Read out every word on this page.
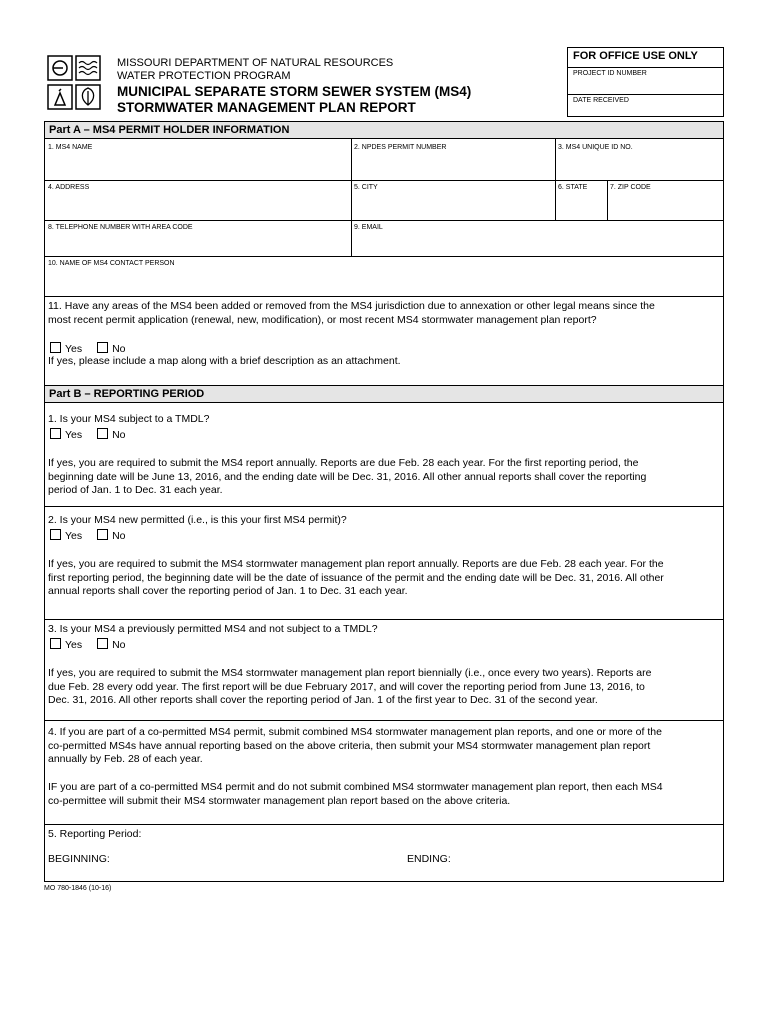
MISSOURI DEPARTMENT OF NATURAL RESOURCES
WATER PROTECTION PROGRAM
MUNICIPAL SEPARATE STORM SEWER SYSTEM (MS4)
STORMWATER MANAGEMENT PLAN REPORT
FOR OFFICE USE ONLY
PROJECT ID NUMBER
DATE RECEIVED
Part A – MS4 PERMIT HOLDER INFORMATION
1. MS4 NAME	2. NPDES PERMIT NUMBER	3. MS4 UNIQUE ID NO.
4. ADDRESS	5. CITY	6. STATE	7. ZIP CODE
8. TELEPHONE NUMBER WITH AREA CODE	9. EMAIL
10. NAME OF MS4 CONTACT PERSON
11. Have any areas of the MS4 been added or removed from the MS4 jurisdiction due to annexation or other legal means since the
most recent permit application (renewal, new, modification), or most recent MS4 stormwater management plan report?
Yes	No
If yes, please include a map along with a brief description as an attachment.
Part B – REPORTING PERIOD
1. Is your MS4 subject to a TMDL?
Yes	No
If yes, you are required to submit the MS4 report annually. Reports are due Feb. 28 each year. For the first reporting period, the
beginning date will be June 13, 2016, and the ending date will be Dec. 31, 2016. All other annual reports shall cover the reporting
period of Jan. 1 to Dec. 31 each year.
2. Is your MS4 new permitted (i.e., is this your first MS4 permit)?
Yes	No
If yes, you are required to submit the MS4 stormwater management plan report annually. Reports are due Feb. 28 each year. For the
first reporting period, the beginning date will be the date of issuance of the permit and the ending date will be Dec. 31, 2016. All other
annual reports shall cover the reporting period of Jan. 1 to Dec. 31 each year.
3. Is your MS4 a previously permitted MS4 and not subject to a TMDL?
Yes	No
If yes, you are required to submit the MS4 stormwater management plan report biennially (i.e., once every two years). Reports are
due Feb. 28 every odd year. The first report will be due February 2017, and will cover the reporting period from June 13, 2016, to
Dec. 31, 2016. All other reports shall cover the reporting period of Jan. 1 of the first year to Dec. 31 of the second year.
4. If you are part of a co-permitted MS4 permit, submit combined MS4 stormwater management plan reports, and one or more of the
co-permitted MS4s have annual reporting based on the above criteria, then submit your MS4 stormwater management plan report
annually by Feb. 28 of each year.
IF you are part of a co-permitted MS4 permit and do not submit combined MS4 stormwater management plan report, then each MS4
co-permittee will submit their MS4 stormwater management plan report based on the above criteria.
5. Reporting Period:
BEGINNING:	ENDING:
MO 780-1846 (10-16)
